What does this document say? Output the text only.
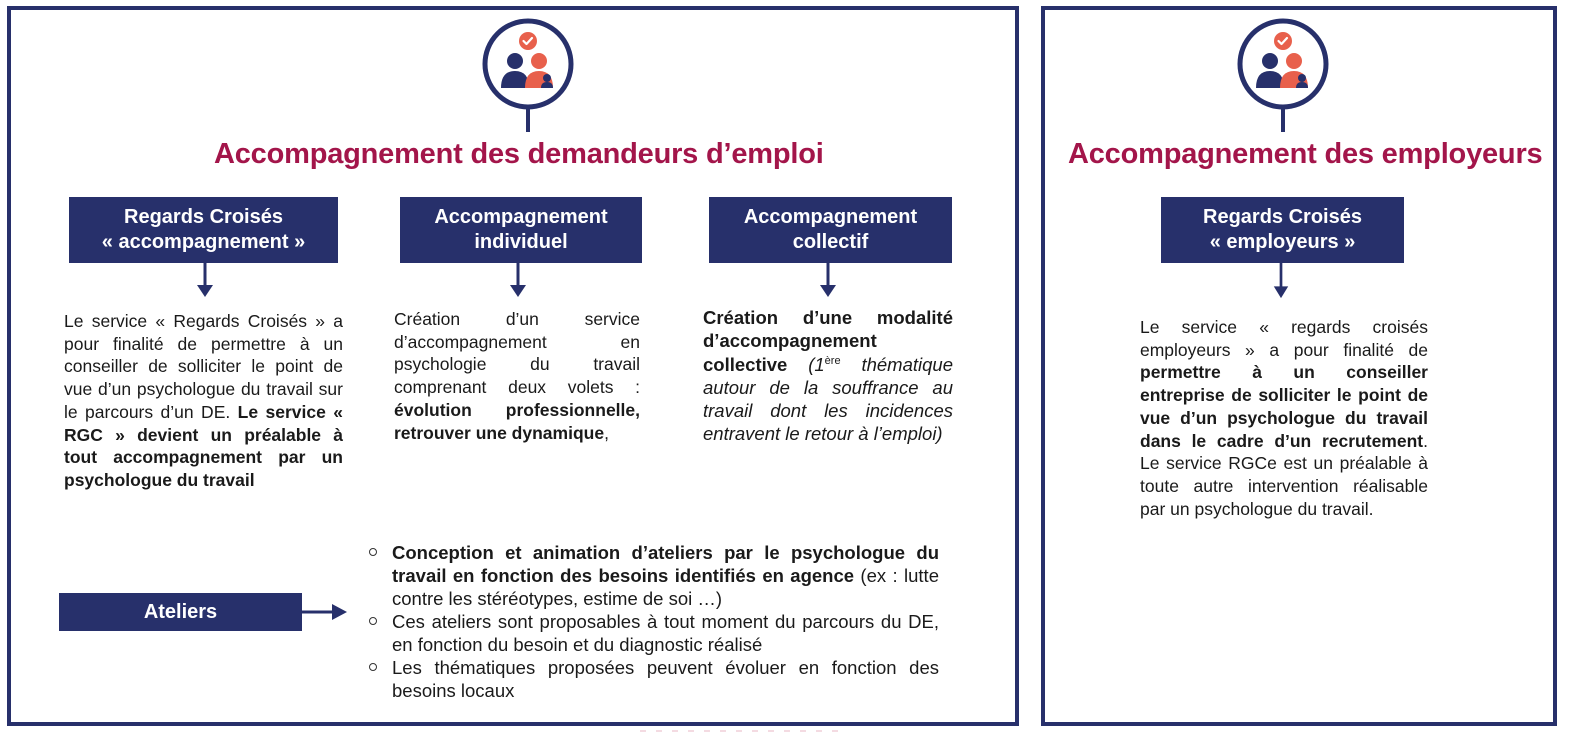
Accompagnement des demandeurs d’emploi
Regards Croisés
« accompagnement »
Le service « Regards Croisés » a pour finalité de permettre à un conseiller de solliciter le point de vue d’un psychologue du travail sur le parcours d’un DE. Le service « RGC » devient un préalable à tout accompagnement par un psychologue du travail
Accompagnement
individuel
Création d’un service d’accompagnement en psychologie du travail comprenant deux volets : évolution professionnelle, retrouver une dynamique,
Accompagnement
collectif
Création d’une modalité d’accompagnement collective (1ère thématique autour de la souffrance au travail dont les incidences entravent le retour à l’emploi)
Ateliers
Conception et animation d’ateliers par le psychologue du travail en fonction des besoins identifiés en agence (ex : lutte contre les stéréotypes, estime de soi …)
Ces ateliers sont proposables à tout moment du parcours du DE, en fonction du besoin et du diagnostic réalisé
Les thématiques proposées peuvent évoluer en fonction des besoins locaux
Accompagnement des employeurs
Regards Croisés
« employeurs »
Le service « regards croisés employeurs » a pour finalité de permettre à un conseiller entreprise de solliciter le point de vue d’un psychologue du travail dans le cadre d’un recrutement. Le service RGCe est un préalable à toute autre intervention réalisable par un psychologue du travail.
